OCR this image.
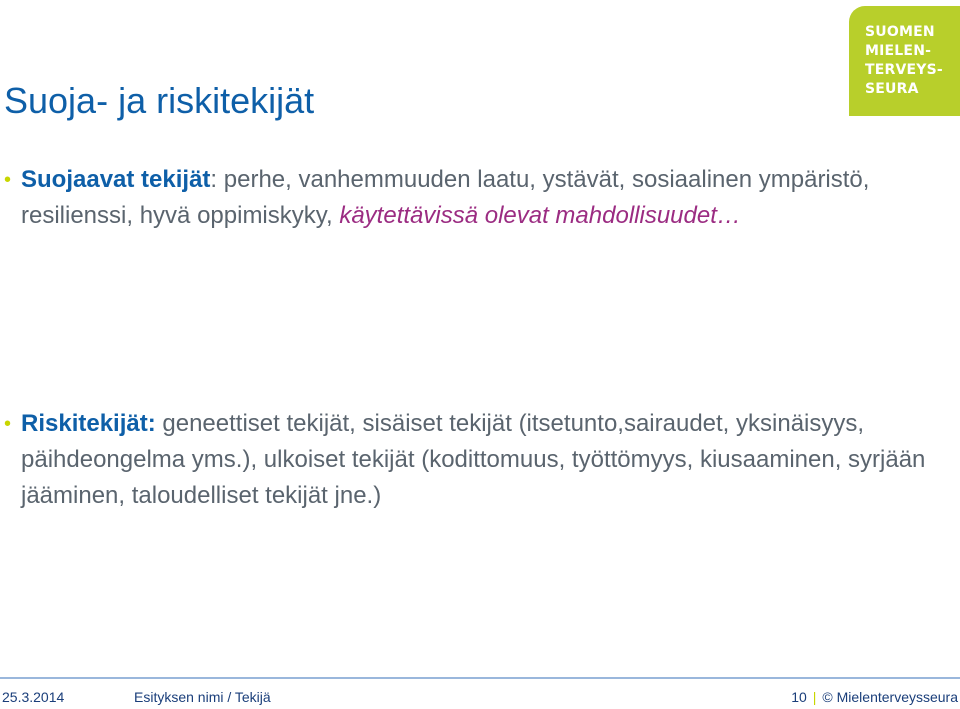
Suoja- ja riskitekijät
SUOMEN
MIELEN-
TERVEYS-
SEURA
• Suojaavat tekijät: perhe, vanhemmuuden laatu, ystävät, sosiaalinen ympäristö, resilienssi, hyvä oppimiskyky, käytettävissä olevat mahdollisuudet…
• Riskitekijät: geneettiset tekijät, sisäiset tekijät (itsetunto,sairaudet, yksinäisyys, päihdeongelma yms.), ulkoiset tekijät (kodittomuus, työttömyys, kiusaaminen, syrjään jääminen, taloudelliset tekijät jne.)
25.3.2014	Esityksen nimi / Tekijä	10 | © Mielenterveysseura
